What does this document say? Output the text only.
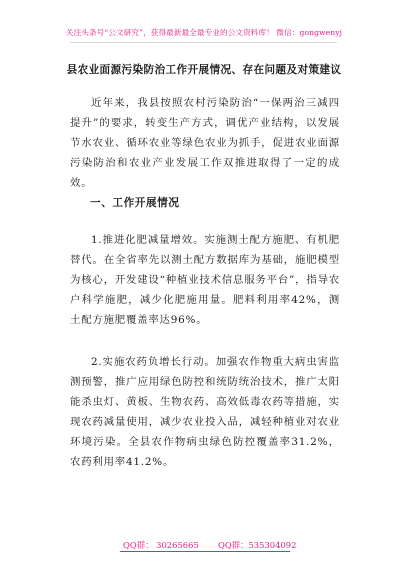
关注头条号“公文研究”，获得最新最全最专业的公文资料库！ 微信：gongwenyj
县农业面源污染防治工作开展情况、存在问题及对策建议

近年来，我县按照农村污染防治“一保两治三减四提升”的要求，转变生产方式，调优产业结构，以发展节水农业、循环农业等绿色农业为抓手，促进农业面源污染防治和农业产业发展工作双推进取得了一定的成效。

一、工作开展情况

1.推进化肥减量增效。实施测土配方施肥、有机肥替代。在全省率先以测土配方数据库为基础，施肥模型为核心，开发建设“种植业技术信息服务平台”，指导农户科学施肥，减少化肥施用量。肥料利用率42%，测土配方施肥覆盖率达96%。

2.实施农药负增长行动。加强农作物重大病虫害监测预警，推广应用绿色防控和统防统治技术，推广太阳能杀虫灯、黄板、生物农药、高效低毒农药等措施，实现农药减量使用，减少农业投入品，减轻种植业对农业环境污染。全县农作物病虫绿色防控覆盖率31.2%，农药利用率41.2%。

QQ群： 30265665 QQ群：535304092
